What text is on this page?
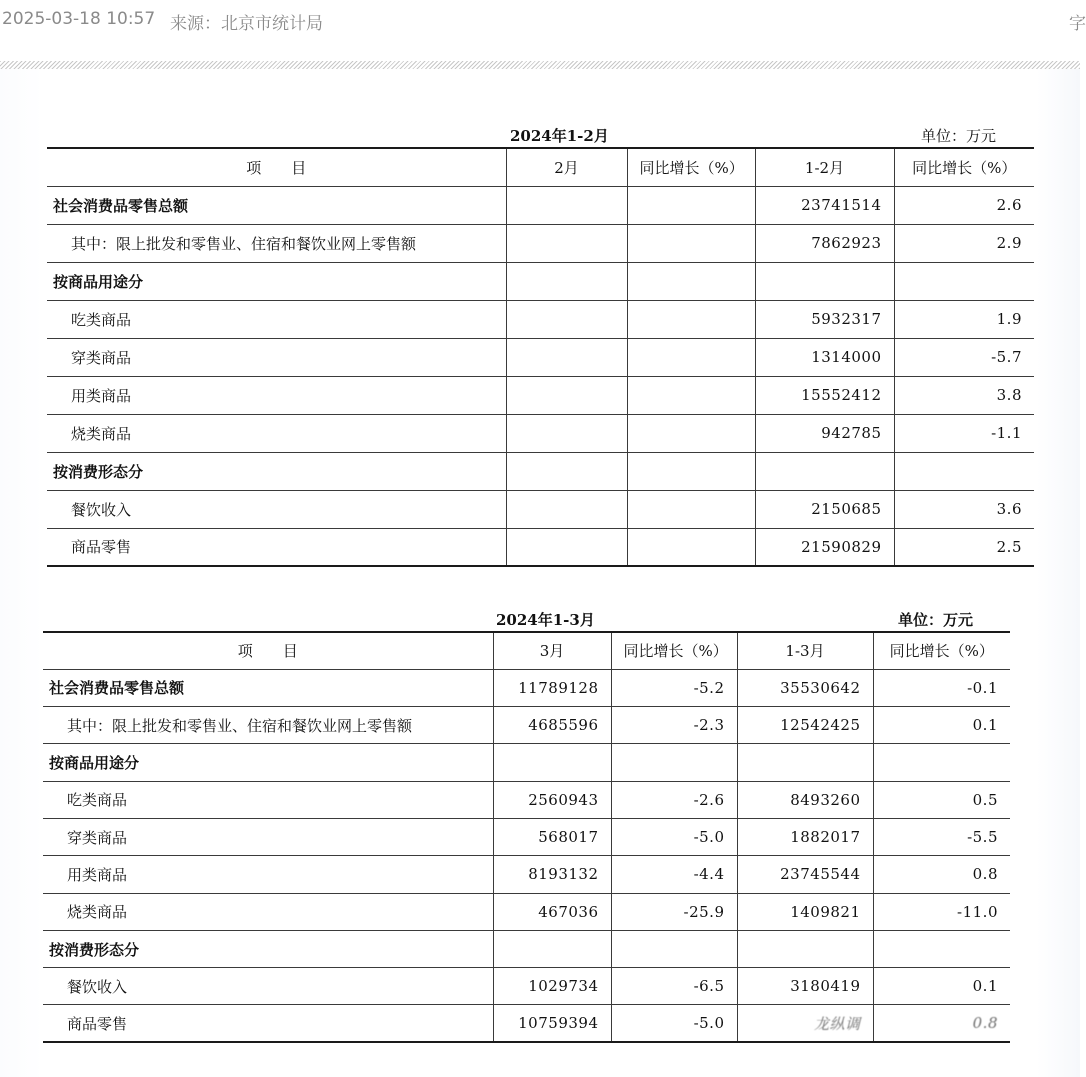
2025-03-18 10:57 来源：北京市统计局	字
2024年1-2月	单位：万元
项　　目	2月	同比增长（%）	1-2月	同比增长（%）
社会消费品零售总额			23741514	2.6
其中：限上批发和零售业、住宿和餐饮业网上零售额			7862923	2.9
按商品用途分				
吃类商品			5932317	1.9
穿类商品			1314000	-5.7
用类商品			15552412	3.8
烧类商品			942785	-1.1
按消费形态分				
餐饮收入			2150685	3.6
商品零售			21590829	2.5
2024年1-3月	单位：万元
项　　目	3月	同比增长（%）	1-3月	同比增长（%）
社会消费品零售总额	11789128	-5.2	35530642	-0.1
其中：限上批发和零售业、住宿和餐饮业网上零售额	4685596	-2.3	12542425	0.1
按商品用途分				
吃类商品	2560943	-2.6	8493260	0.5
穿类商品	568017	-5.0	1882017	-5.5
用类商品	8193132	-4.4	23745544	0.8
烧类商品	467036	-25.9	1409821	-11.0
按消费形态分				
餐饮收入	1029734	-6.5	3180419	0.1
商品零售	10759394	-5.0	龙纵调	0.8
